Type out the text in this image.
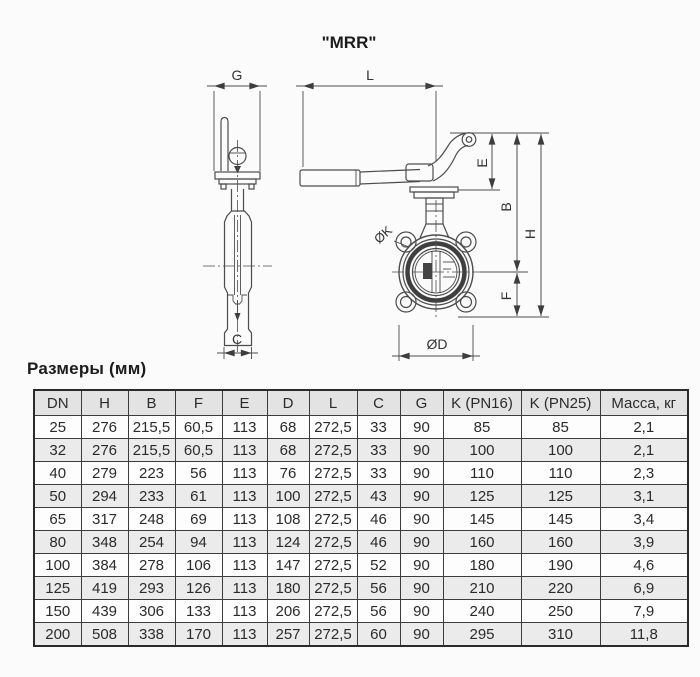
"MRR"
G
C
L
E
B
F
H
ØK
ØD
Размеры (мм)
DN	H	B	F	E	D	L	C	G	K (PN16)	K (PN25)	Масса, кг
25	276	215,5	60,5	113	68	272,5	33	90	85	85	2,1
32	276	215,5	60,5	113	68	272,5	33	90	100	100	2,1
40	279	223	56	113	76	272,5	33	90	110	110	2,3
50	294	233	61	113	100	272,5	43	90	125	125	3,1
65	317	248	69	113	108	272,5	46	90	145	145	3,4
80	348	254	94	113	124	272,5	46	90	160	160	3,9
100	384	278	106	113	147	272,5	52	90	180	190	4,6
125	419	293	126	113	180	272,5	56	90	210	220	6,9
150	439	306	133	113	206	272,5	56	90	240	250	7,9
200	508	338	170	113	257	272,5	60	90	295	310	11,8
